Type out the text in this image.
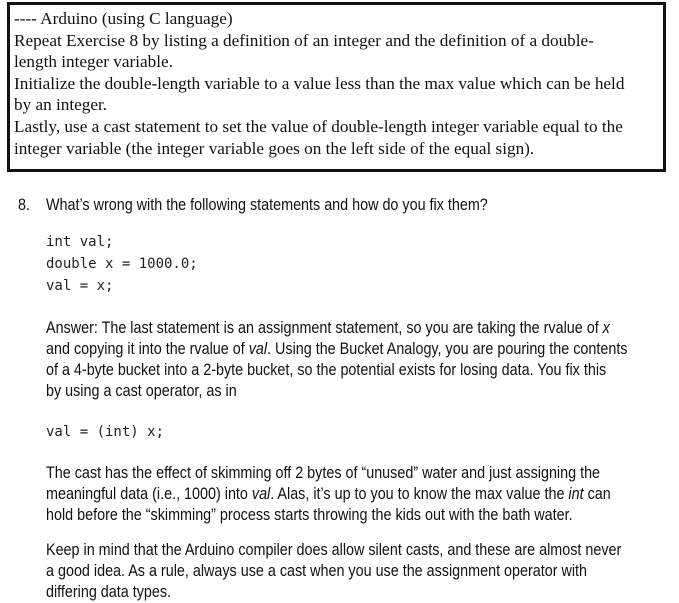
---- Arduino (using C language)
Repeat Exercise 8 by listing a definition of an integer and the definition of a double-
length integer variable.
Initialize the double-length variable to a value less than the max value which can be held
by an integer.
Lastly, use a cast statement to set the value of double-length integer variable equal to the
integer variable (the integer variable goes on the left side of the equal sign).
8. What’s wrong with the following statements and how do you fix them?
int val;
double x = 1000.0;
val = x;
Answer: The last statement is an assignment statement, so you are taking the rvalue of x
and copying it into the rvalue of val. Using the Bucket Analogy, you are pouring the contents
of a 4-byte bucket into a 2-byte bucket, so the potential exists for losing data. You fix this
by using a cast operator, as in
val = (int) x;
The cast has the effect of skimming off 2 bytes of “unused” water and just assigning the
meaningful data (i.e., 1000) into val. Alas, it’s up to you to know the max value the int can
hold before the “skimming” process starts throwing the kids out with the bath water.
Keep in mind that the Arduino compiler does allow silent casts, and these are almost never
a good idea. As a rule, always use a cast when you use the assignment operator with
differing data types.
